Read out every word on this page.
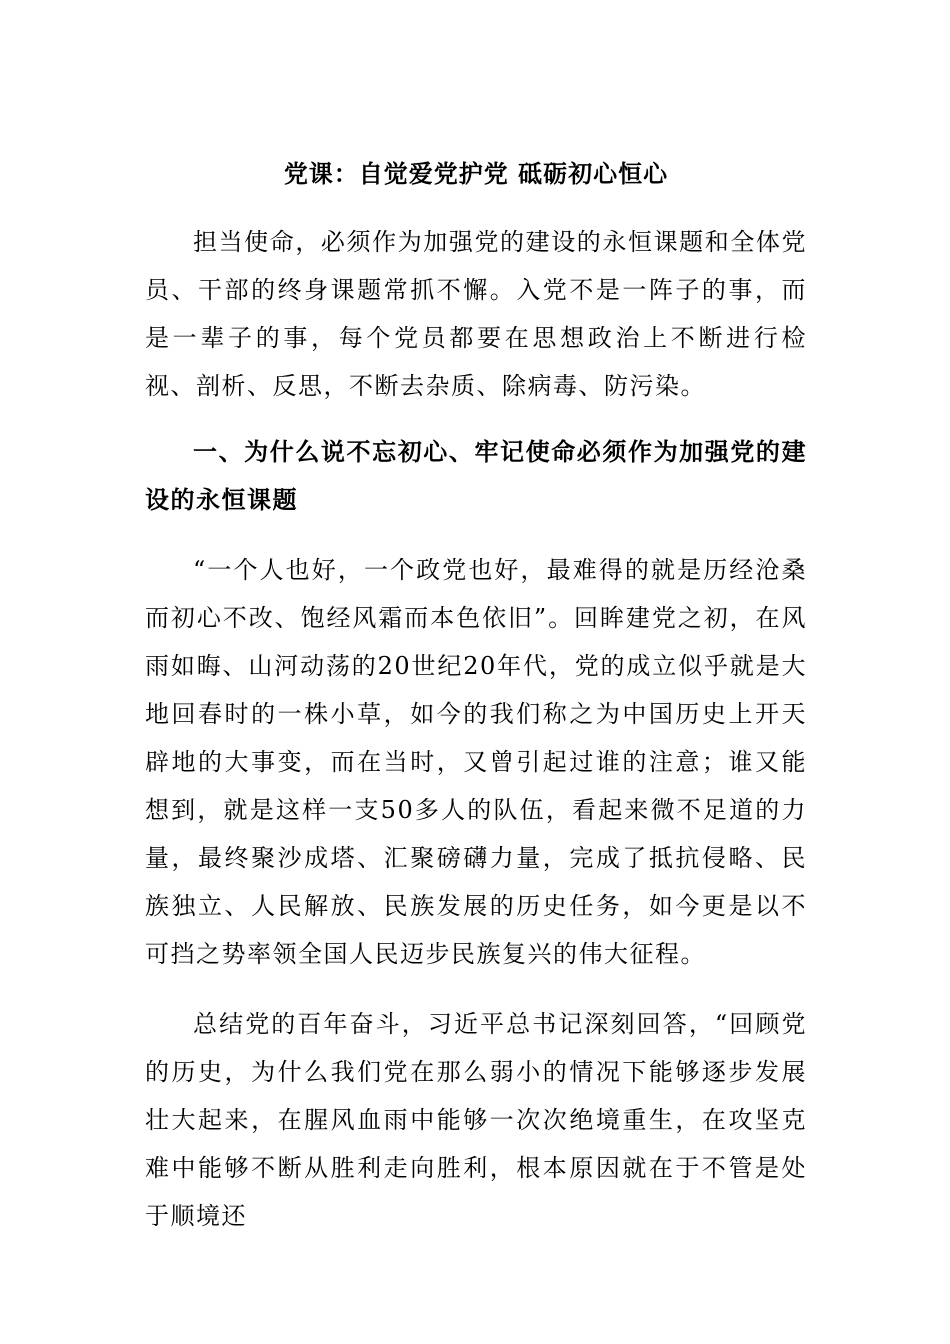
党课：自觉爱党护党 砥砺初心恒心

担当使命，必须作为加强党的建设的永恒课题和全体党员、干部的终身课题常抓不懈。入党不是一阵子的事，而是一辈子的事，每个党员都要在思想政治上不断进行检视、剖析、反思，不断去杂质、除病毒、防污染。

一、为什么说不忘初心、牢记使命必须作为加强党的建设的永恒课题

“一个人也好，一个政党也好，最难得的就是历经沧桑而初心不改、饱经风霜而本色依旧”。回眸建党之初，在风雨如晦、山河动荡的20世纪20年代，党的成立似乎就是大地回春时的一株小草，如今的我们称之为中国历史上开天辟地的大事变，而在当时，又曾引起过谁的注意；谁又能想到，就是这样一支50多人的队伍，看起来微不足道的力量，最终聚沙成塔、汇聚磅礴力量，完成了抵抗侵略、民族独立、人民解放、民族发展的历史任务，如今更是以不可挡之势率领全国人民迈步民族复兴的伟大征程。

总结党的百年奋斗，习近平总书记深刻回答，“回顾党的历史，为什么我们党在那么弱小的情况下能够逐步发展壮大起来，在腥风血雨中能够一次次绝境重生，在攻坚克难中能够不断从胜利走向胜利，根本原因就在于不管是处于顺境还
